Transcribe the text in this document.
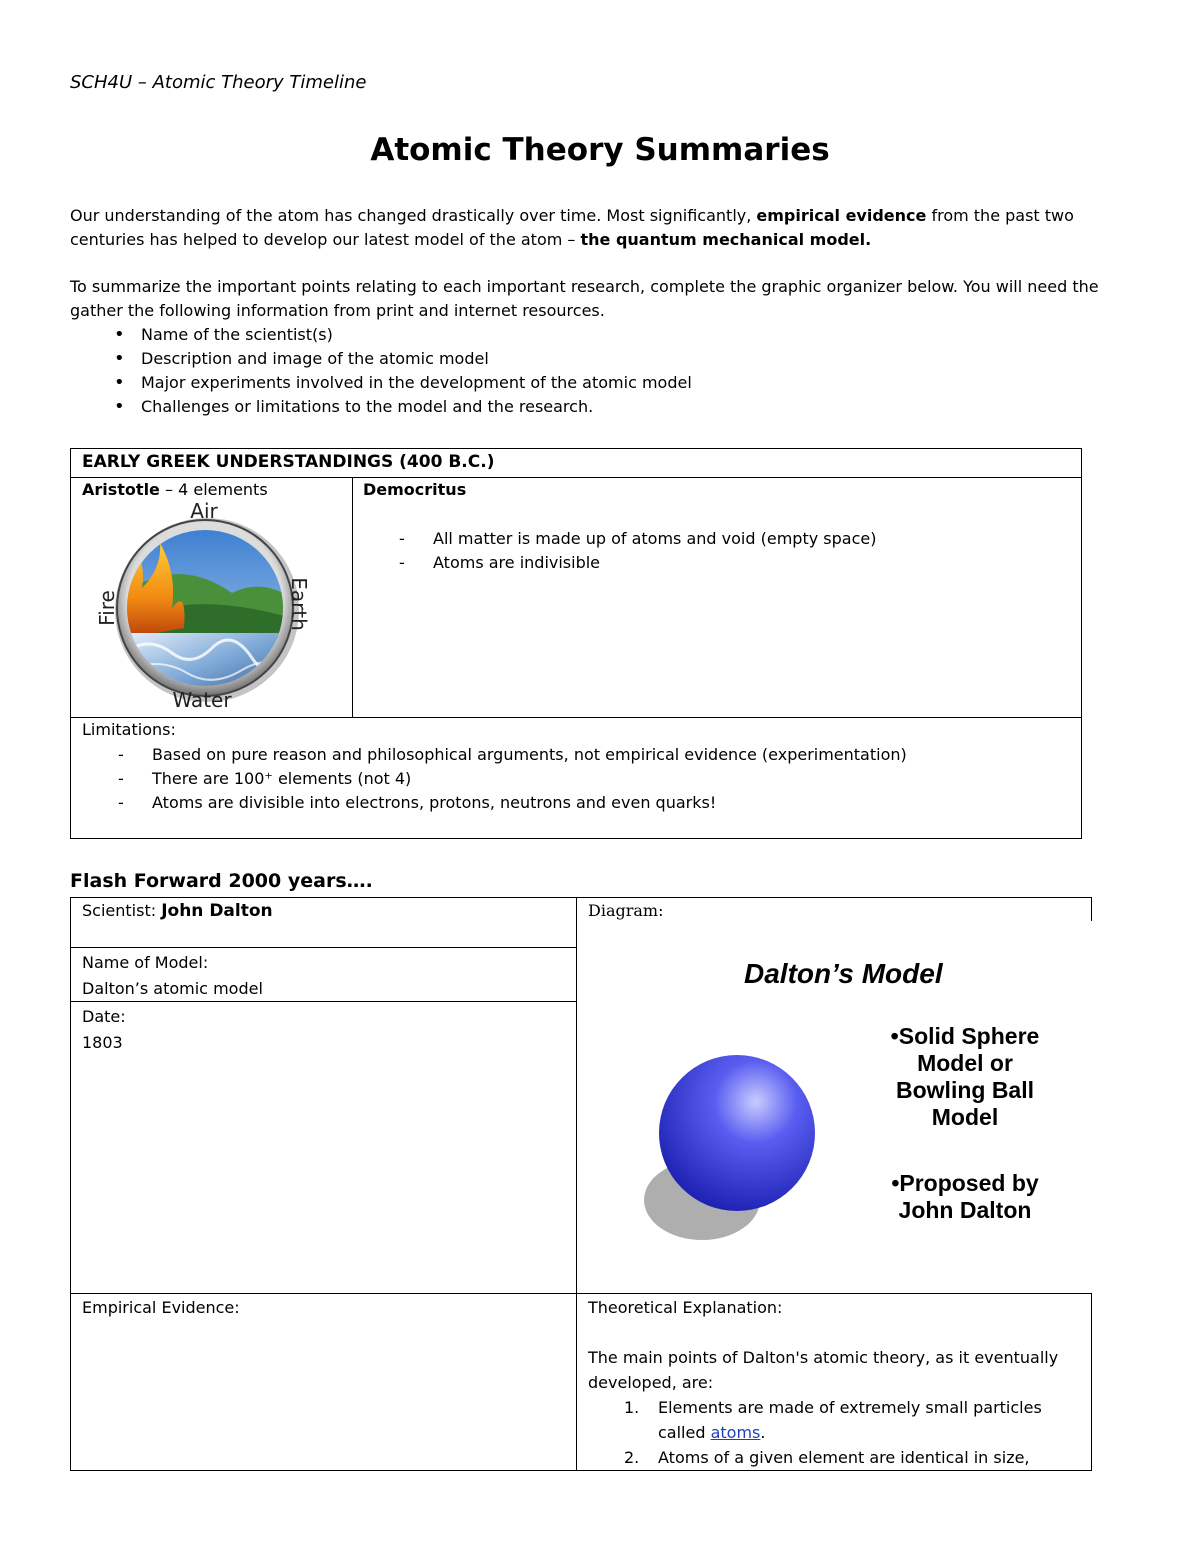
SCH4U – Atomic Theory Timeline
Atomic Theory Summaries
Our understanding of the atom has changed drastically over time. Most significantly, empirical evidence from the past two centuries has helped to develop our latest model of the atom – the quantum mechanical model.
To summarize the important points relating to each important research, complete the graphic organizer below. You will need the gather the following information from print and internet resources.
• Name of the scientist(s)
• Description and image of the atomic model
• Major experiments involved in the development of the atomic model
• Challenges or limitations to the model and the research.
EARLY GREEK UNDERSTANDINGS (400 B.C.)
Aristotle – 4 elements
Air
Water
Fire	Earth
Democritus
- All matter is made up of atoms and void (empty space)
- Atoms are indivisible
Limitations:
- Based on pure reason and philosophical arguments, not empirical evidence (experimentation)
- There are 100⁺ elements (not 4)
- Atoms are divisible into electrons, protons, neutrons and even quarks!
Flash Forward 2000 years….
Scientist: John Dalton
Name of Model:
Dalton’s atomic model
Date:
1803
Diagram:
Dalton’s Model
•Solid Sphere
Model or
Bowling Ball
Model
•Proposed by
John Dalton
Empirical Evidence:	Theoretical Explanation:
The main points of Dalton's atomic theory, as it eventually developed, are:
1. Elements are made of extremely small particles called atoms.
2. Atoms of a given element are identical in size,
